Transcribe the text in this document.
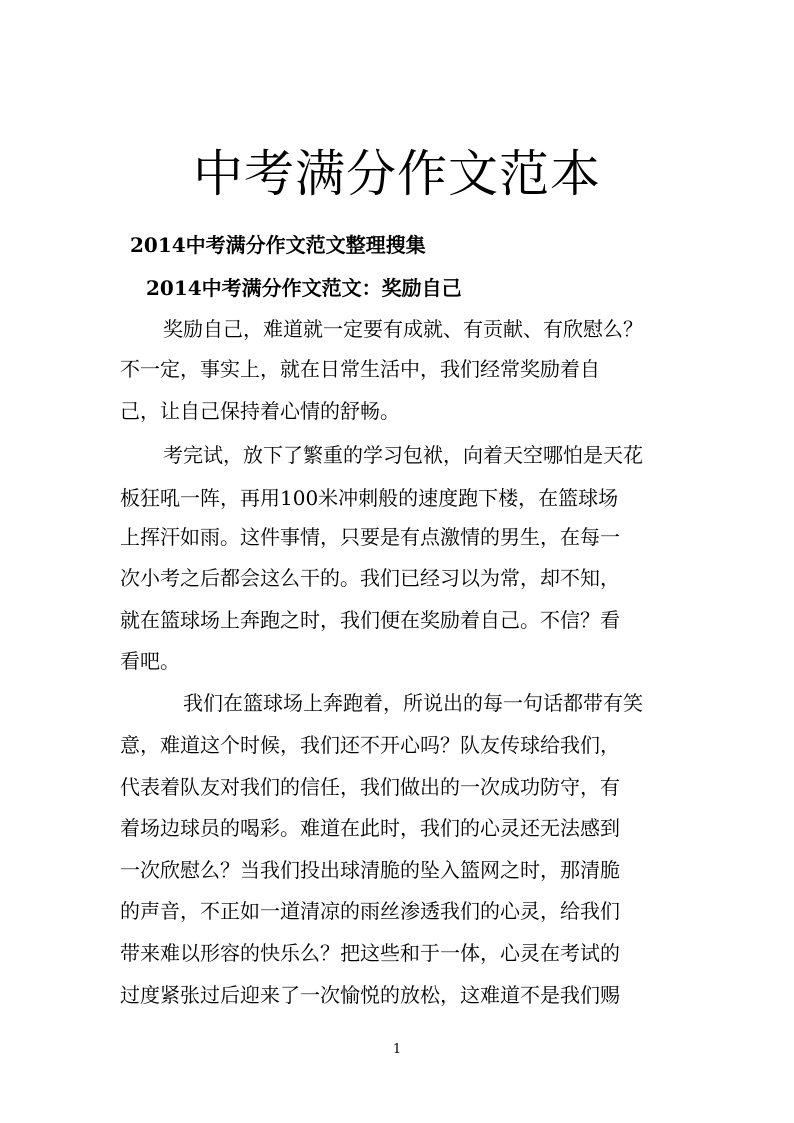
中考满分作文范本
2014中考满分作文范文整理搜集
2014中考满分作文范文：奖励自己
奖励自己，难道就一定要有成就、有贡献、有欣慰么？
不一定，事实上，就在日常生活中，我们经常奖励着自
己，让自己保持着心情的舒畅。
考完试，放下了繁重的学习包袱，向着天空哪怕是天花
板狂吼一阵，再用100米冲刺般的速度跑下楼，在篮球场
上挥汗如雨。这件事情，只要是有点激情的男生，在每一
次小考之后都会这么干的。我们已经习以为常，却不知，
就在篮球场上奔跑之时，我们便在奖励着自己。不信？看
看吧。
我们在篮球场上奔跑着，所说出的每一句话都带有笑
意，难道这个时候，我们还不开心吗？队友传球给我们，
代表着队友对我们的信任，我们做出的一次成功防守，有
着场边球员的喝彩。难道在此时，我们的心灵还无法感到
一次欣慰么？当我们投出球清脆的坠入篮网之时，那清脆
的声音，不正如一道清凉的雨丝渗透我们的心灵，给我们
带来难以形容的快乐么？把这些和于一体，心灵在考试的
过度紧张过后迎来了一次愉悦的放松，这难道不是我们赐
1
